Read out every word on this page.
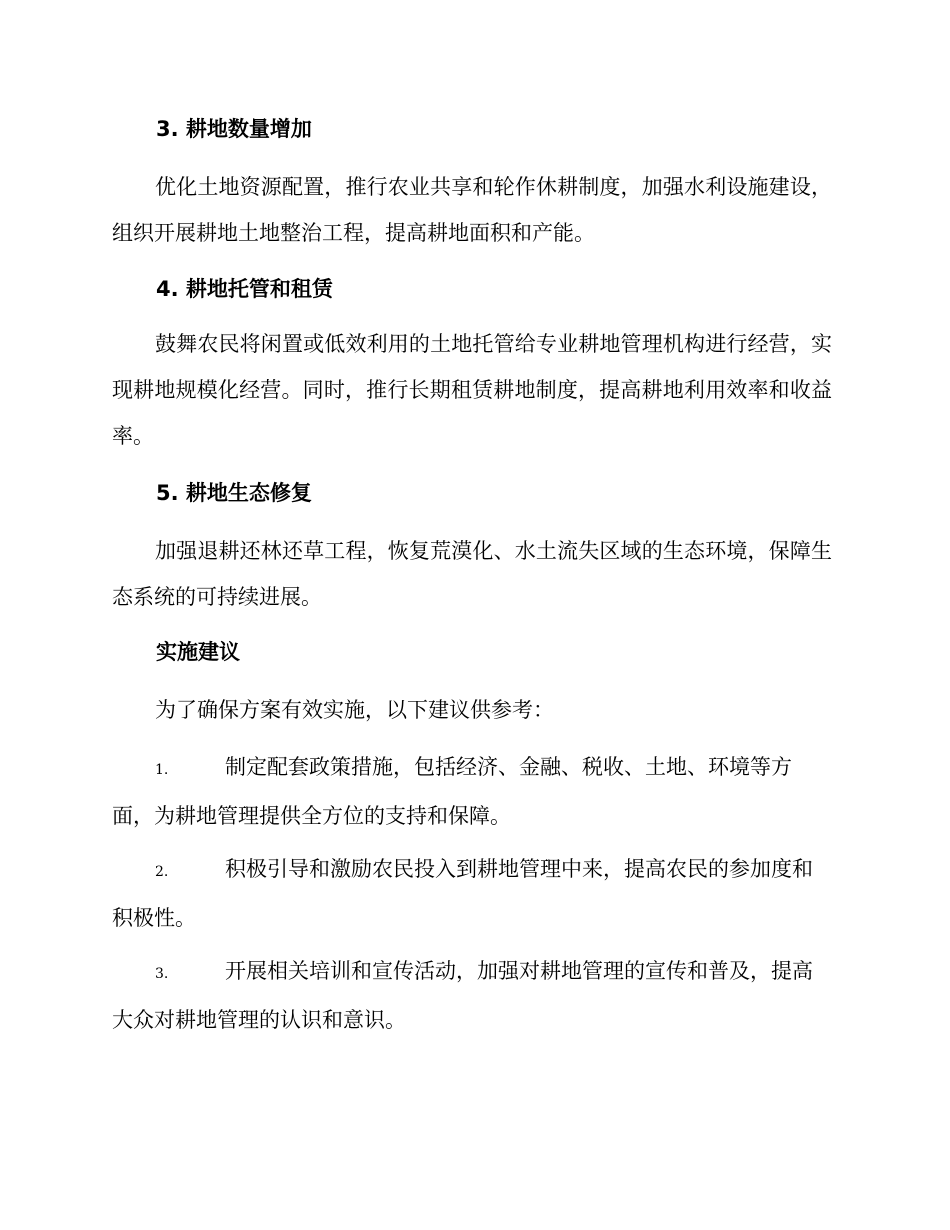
3. 耕地数量增加
优化土地资源配置，推行农业共享和轮作休耕制度，加强水利设施建设，组织开展耕地土地整治工程，提高耕地面积和产能。
4. 耕地托管和租赁
鼓舞农民将闲置或低效利用的土地托管给专业耕地管理机构进行经营，实现耕地规模化经营。同时，推行长期租赁耕地制度，提高耕地利用效率和收益率。
5. 耕地生态修复
加强退耕还林还草工程，恢复荒漠化、水土流失区域的生态环境，保障生态系统的可持续进展。
实施建议
为了确保方案有效实施，以下建议供参考：
1.	制定配套政策措施，包括经济、金融、税收、土地、环境等方面，为耕地管理提供全方位的支持和保障。
2.	积极引导和激励农民投入到耕地管理中来，提高农民的参加度和积极性。
3.	开展相关培训和宣传活动，加强对耕地管理的宣传和普及，提高大众对耕地管理的认识和意识。
